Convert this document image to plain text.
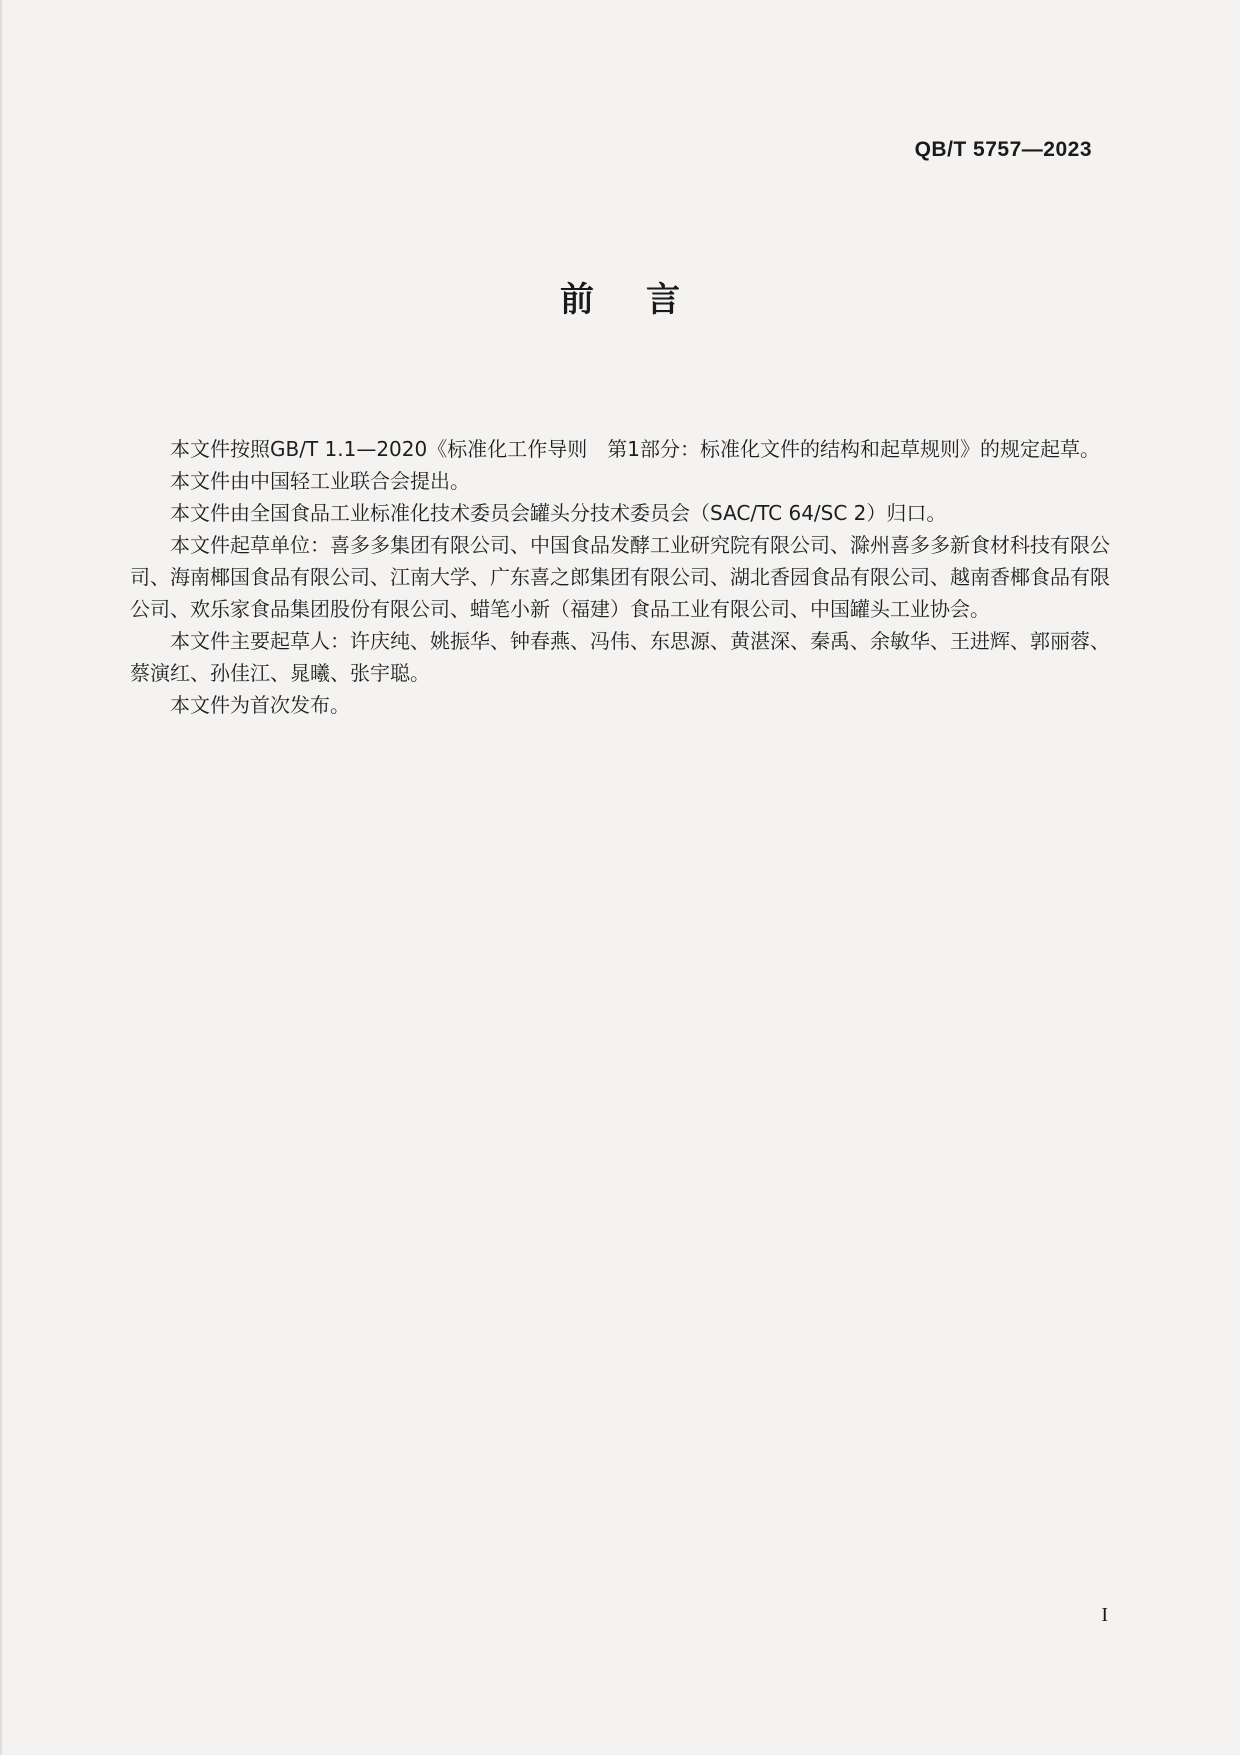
QB/T 5757—2023
前言

本文件按照GB/T 1.1—2020《标准化工作导则　第1部分：标准化文件的结构和起草规则》的规定起草。

本文件由中国轻工业联合会提出。

本文件由全国食品工业标准化技术委员会罐头分技术委员会（SAC/TC 64/SC 2）归口。

本文件起草单位：喜多多集团有限公司、中国食品发酵工业研究院有限公司、滁州喜多多新食材科技有限公司、海南椰国食品有限公司、江南大学、广东喜之郎集团有限公司、湖北香园食品有限公司、越南香椰食品有限公司、欢乐家食品集团股份有限公司、蜡笔小新（福建）食品工业有限公司、中国罐头工业协会。

本文件主要起草人：许庆纯、姚振华、钟春燕、冯伟、东思源、黄湛深、秦禹、余敏华、王进辉、郭丽蓉、蔡演红、孙佳江、晁曦、张宇聪。

本文件为首次发布。

I
